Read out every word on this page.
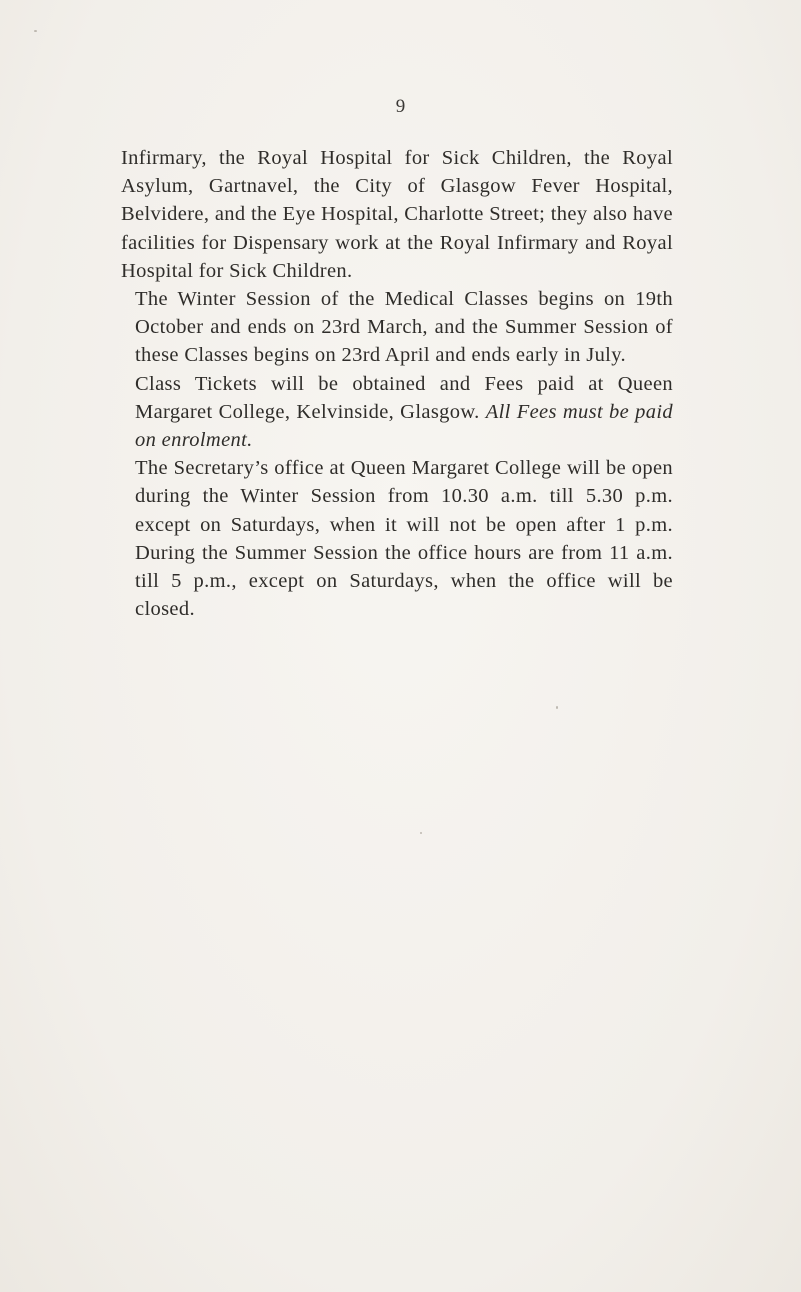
9

Infirmary, the Royal Hospital for Sick Children, the Royal Asylum, Gartnavel, the City of Glasgow Fever Hospital, Belvidere, and the Eye Hospital, Charlotte Street; they also have facilities for Dispensary work at the Royal Infirmary and Royal Hospital for Sick Children.

The Winter Session of the Medical Classes begins on 19th October and ends on 23rd March, and the Summer Session of these Classes begins on 23rd April and ends early in July.

Class Tickets will be obtained and Fees paid at Queen Margaret College, Kelvinside, Glasgow. All Fees must be paid on enrolment.

The Secretary’s office at Queen Margaret College will be open during the Winter Session from 10.30 a.m. till 5.30 p.m. except on Saturdays, when it will not be open after 1 p.m. During the Summer Session the office hours are from 11 a.m. till 5 p.m., except on Saturdays, when the office will be closed.
